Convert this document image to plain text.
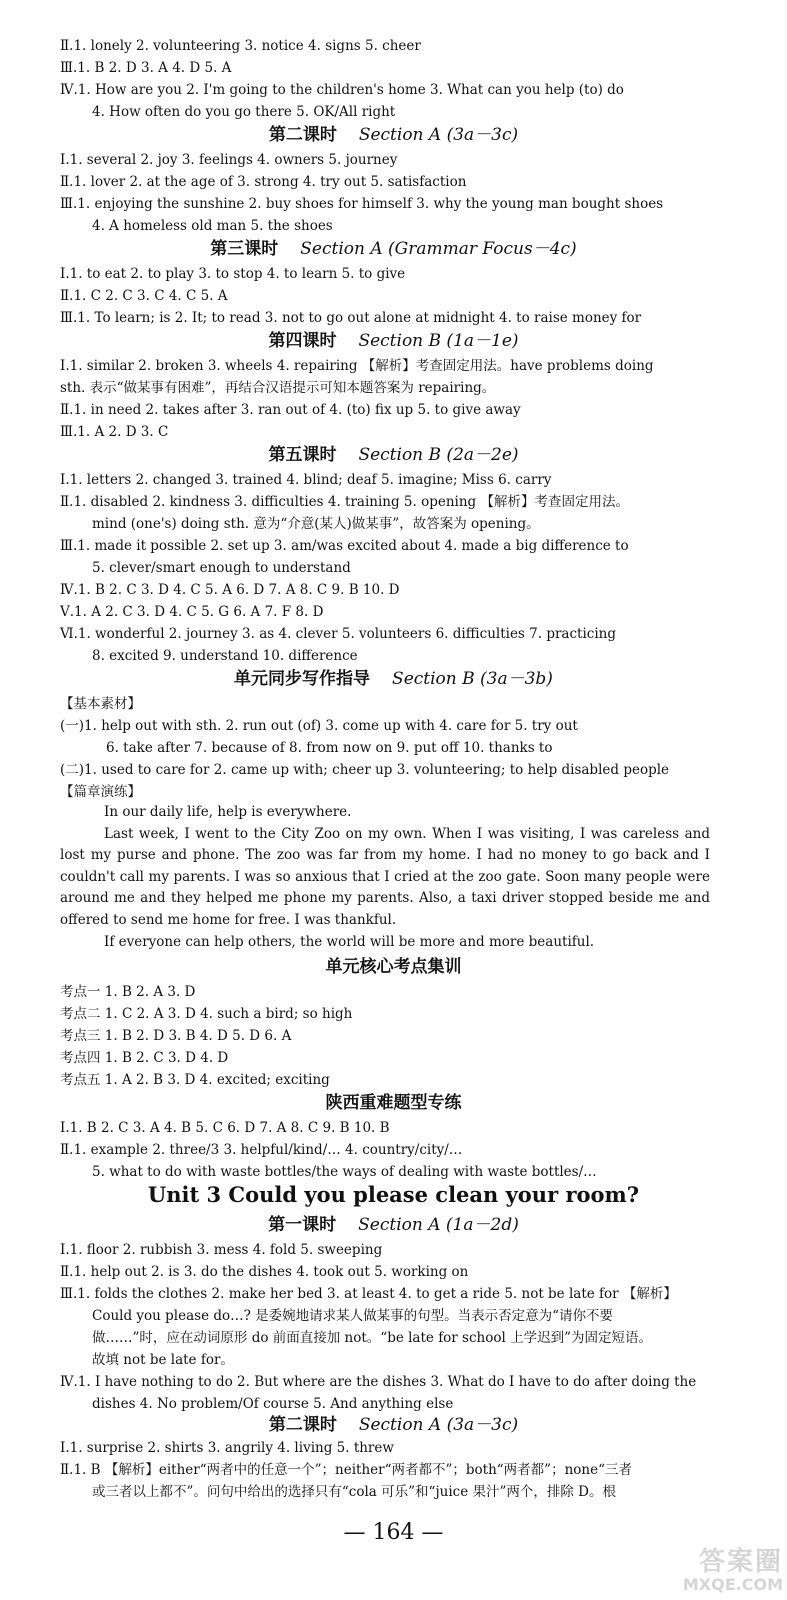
Ⅱ.1. lonely 2. volunteering 3. notice 4. signs 5. cheer
Ⅲ.1. B 2. D 3. A 4. D 5. A
Ⅳ.1. How are you 2. I'm going to the children's home 3. What can you help (to) do
4. How often do you go there 5. OK/All right
第二课时 Section A (3a－3c)
Ⅰ.1. several 2. joy 3. feelings 4. owners 5. journey
Ⅱ.1. lover 2. at the age of 3. strong 4. try out 5. satisfaction
Ⅲ.1. enjoying the sunshine 2. buy shoes for himself 3. why the young man bought shoes
4. A homeless old man 5. the shoes
第三课时 Section A (Grammar Focus－4c)
Ⅰ.1. to eat 2. to play 3. to stop 4. to learn 5. to give
Ⅱ.1. C 2. C 3. C 4. C 5. A
Ⅲ.1. To learn; is 2. It; to read 3. not to go out alone at midnight 4. to raise money for
第四课时 Section B (1a－1e)
Ⅰ.1. similar 2. broken 3. wheels 4. repairing 【解析】考查固定用法。have problems doing
sth. 表示“做某事有困难”，再结合汉语提示可知本题答案为 repairing。
Ⅱ.1. in need 2. takes after 3. ran out of 4. (to) fix up 5. to give away
Ⅲ.1. A 2. D 3. C
第五课时 Section B (2a－2e)
Ⅰ.1. letters 2. changed 3. trained 4. blind; deaf 5. imagine; Miss 6. carry
Ⅱ.1. disabled 2. kindness 3. difficulties 4. training 5. opening 【解析】考查固定用法。
mind (one's) doing sth. 意为“介意(某人)做某事”，故答案为 opening。
Ⅲ.1. made it possible 2. set up 3. am/was excited about 4. made a big difference to
5. clever/smart enough to understand
Ⅳ.1. B 2. C 3. D 4. C 5. A 6. D 7. A 8. C 9. B 10. D
Ⅴ.1. A 2. C 3. D 4. C 5. G 6. A 7. F 8. D
Ⅵ.1. wonderful 2. journey 3. as 4. clever 5. volunteers 6. difficulties 7. practicing
8. excited 9. understand 10. difference
单元同步写作指导 Section B (3a－3b)
【基本素材】
(一)1. help out with sth. 2. run out (of) 3. come up with 4. care for 5. try out
6. take after 7. because of 8. from now on 9. put off 10. thanks to
(二)1. used to care for 2. came up with; cheer up 3. volunteering; to help disabled people
【篇章演练】

In our daily life, help is everywhere.

Last week, I went to the City Zoo on my own. When I was visiting, I was careless and lost my purse and phone. The zoo was far from my home. I had no money to go back and I couldn't call my parents. I was so anxious that I cried at the zoo gate. Soon many people were around me and they helped me phone my parents. Also, a taxi driver stopped beside me and offered to send me home for free. I was thankful.

If everyone can help others, the world will be more and more beautiful.

单元核心考点集训
考点一 1. B 2. A 3. D
考点二 1. C 2. A 3. D 4. such a bird; so high
考点三 1. B 2. D 3. B 4. D 5. D 6. A
考点四 1. B 2. C 3. D 4. D
考点五 1. A 2. B 3. D 4. excited; exciting
陕西重难题型专练
Ⅰ.1. B 2. C 3. A 4. B 5. C 6. D 7. A 8. C 9. B 10. B
Ⅱ.1. example 2. three/3 3. helpful/kind/… 4. country/city/…
5. what to do with waste bottles/the ways of dealing with waste bottles/…
Unit 3 Could you please clean your room?
第一课时 Section A (1a－2d)
Ⅰ.1. floor 2. rubbish 3. mess 4. fold 5. sweeping
Ⅱ.1. help out 2. is 3. do the dishes 4. took out 5. working on
Ⅲ.1. folds the clothes 2. make her bed 3. at least 4. to get a ride 5. not be late for 【解析】
Could you please do…? 是委婉地请求某人做某事的句型。当表示否定意为“请你不要
做……”时，应在动词原形 do 前面直接加 not。“be late for school 上学迟到”为固定短语。
故填 not be late for。
Ⅳ.1. I have nothing to do 2. But where are the dishes 3. What do I have to do after doing the
dishes 4. No problem/Of course 5. And anything else
第二课时 Section A (3a－3c)
Ⅰ.1. surprise 2. shirts 3. angrily 4. living 5. threw
Ⅱ.1. B 【解析】either“两者中的任意一个”；neither“两者都不”；both“两者都”；none“三者
或三者以上都不”。问句中给出的选择只有“cola 可乐”和“juice 果汁”两个，排除 D。根
— 164 —
答案圈
MXQE.COM
